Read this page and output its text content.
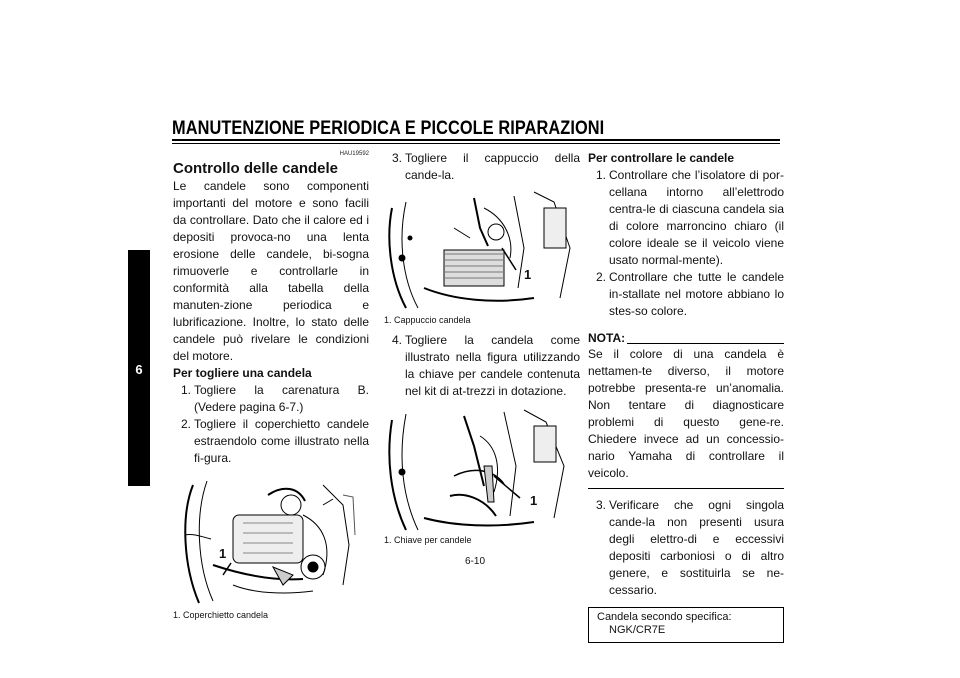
MANUTENZIONE PERIODICA E PICCOLE RIPARAZIONI
6
HAU19592
Controllo delle candele

Le candele sono componenti importanti del motore e sono facili da controllare. Dato che il calore ed i depositi provoca-no una lenta erosione delle candele, bi-sogna rimuoverle e controllarle in conformità alla tabella della manuten-zione periodica e lubrificazione. Inoltre, lo stato delle candele può rivelare le condizioni del motore.

Per togliere una candela

1. Togliere la carenatura B. (Vedere pagina 6-7.)
2. Togliere il coperchietto candele estraendolo come illustrato nella fi-gura.
1
1. Coperchietto candela
3. Togliere il cappuccio della cande-la.
1
1. Cappuccio candela
4. Togliere la candela come illustrato nella figura utilizzando la chiave per candele contenuta nel kit di at-trezzi in dotazione.
1
1. Chiave per candele

Per controllare le candele

1. Controllare che l’isolatore di por-cellana intorno all’elettrodo centra-le di ciascuna candela sia di colore marroncino chiaro (il colore ideale se il veicolo viene usato normal-mente).
2. Controllare che tutte le candele in-stallate nel motore abbiano lo stes-so colore.
NOTA:

Se il colore di una candela è nettamen-te diverso, il motore potrebbe presenta-re un’anomalia. Non tentare di diagnosticare problemi di questo gene-re. Chiedere invece ad un concessio-nario Yamaha di controllare il veicolo.

3. Verificare che ogni singola cande-la non presenti usura degli elettro-di e eccessivi depositi carboniosi o di altro genere, e sostituirla se ne-cessario.
Candela secondo specifica:
NGK/CR7E
6-10
